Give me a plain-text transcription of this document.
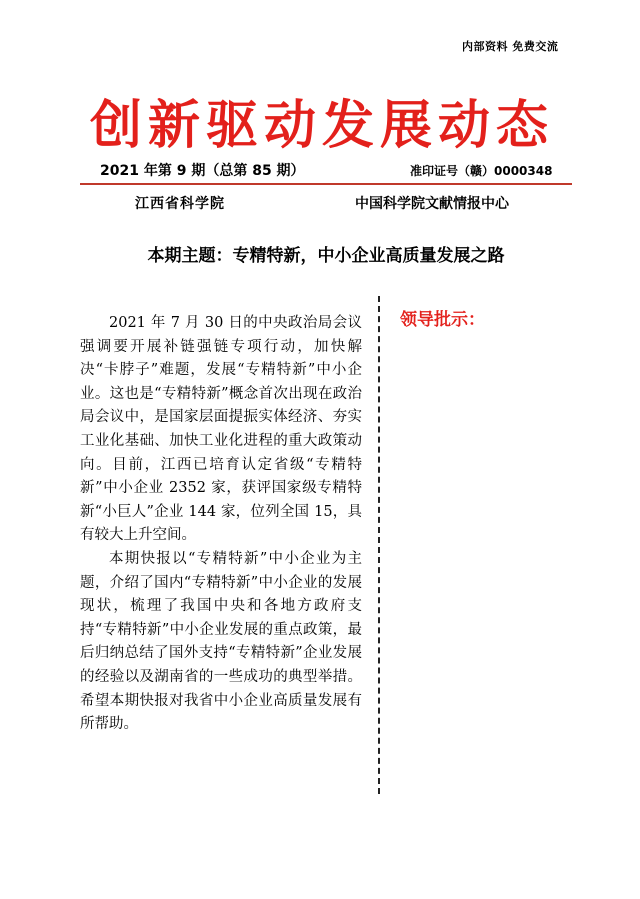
内部资料 免费交流
创新驱动发展动态
2021 年第 9 期（总第 85 期）	准印证号（赣）0000348
江西省科学院	中国科学院文献情报中心
本期主题：专精特新，中小企业高质量发展之路

2021 年 7 月 30 日的中央政治局会议强调要开展补链强链专项行动，加快解决“卡脖子”难题，发展“专精特新”中小企业。这也是“专精特新”概念首次出现在政治局会议中，是国家层面提振实体经济、夯实工业化基础、加快工业化进程的重大政策动向。目前，江西已培育认定省级“专精特新”中小企业 2352 家，获评国家级专精特新“小巨人”企业 144 家，位列全国 15，具有较大上升空间。

本期快报以“专精特新”中小企业为主题，介绍了国内“专精特新”中小企业的发展现状，梳理了我国中央和各地方政府支持“专精特新”中小企业发展的重点政策，最后归纳总结了国外支持“专精特新”企业发展的经验以及湖南省的一些成功的典型举措。希望本期快报对我省中小企业高质量发展有所帮助。

领导批示：
